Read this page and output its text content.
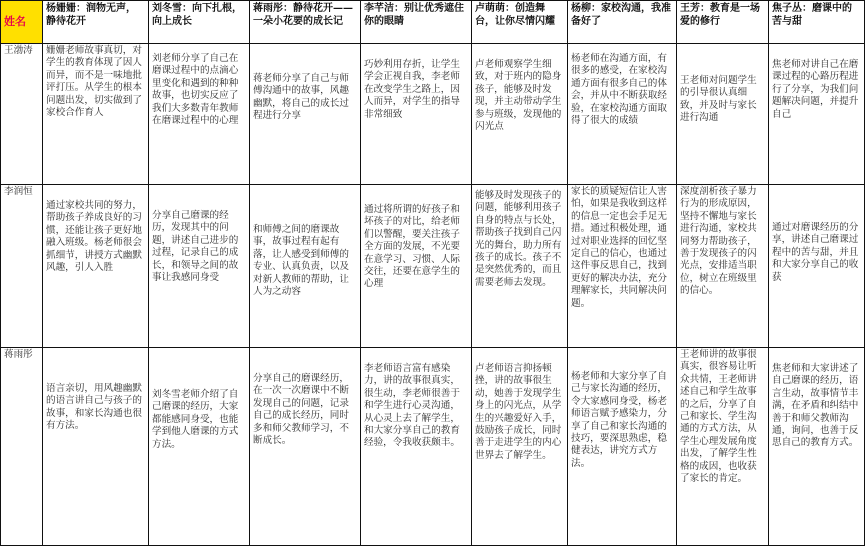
姓名	杨姗姗：润物无声，静待花开	刘冬雪：向下扎根，向上成长	蒋雨彤：静待花开——一朵小花要的成长记	李芊洁：别让优秀遮住你的眼睛	卢萌萌：创造舞台，让你尽情闪耀	杨柳：家校沟通，我准备好了	王芳：教育是一场爱的修行	焦子丛：磨课中的苦与甜
王渤涛	姗姗老师故事真切，对学生的教育体现了因人而异，而不是一味地批评打压。从学生的根本问题出发，切实做到了家校合作育人	刘老师分享了自己在磨课过程中的点滴心里变化和遇到的种种故事，也切实反应了我们大多数青年教师在磨课过程中的心理	蒋老师分享了自己与师傅沟通中的故事，风趣幽默，将自己的成长过程进行分享	巧妙利用存折，让学生学会正视自我，李老师在改变学生之路上，因人而异，对学生的指导非常细致	卢老师观察学生细致，对于班内的隐身孩子，能够及时发现，并主动带动学生参与班级，发现他的闪光点	杨老师在沟通方面，有很多的感受，在家校沟通方面有很多自己的体会，并从中不断获取经验，在家校沟通方面取得了很大的成绩	王老师对问题学生的引导很认真细致，并及时与家长进行沟通	焦老师对讲自己在磨课过程的心路历程进行了分享，为我们问题解决问题，并提升自己

李润恒	通过家校共同的努力，帮助孩子养成良好的习惯，还能让孩子更好地融入班级。杨老师很会抓细节，讲授方式幽默风趣，引人入胜	分享自己磨课的经历，发现其中的问题，讲述自己进步的过程，记录自己的成长，和领导之间的故事让我感同身受	和师傅之间的磨课故事，故事过程有起有落，让人感受到师傅的专业、认真负责，以及对新人教师的帮助，让人为之动容	通过将所谓的好孩子和坏孩子的对比，给老师们以警醒，要关注孩子全方面的发展，不光要在意学习、习惯、人际交往，还要在意学生的心理	能够及时发现孩子的问题，能够利用孩子自身的特点与长处，帮助孩子找到自己闪光的舞台，助力所有孩子的成长。孩子不是突然优秀的，而且需要老师去发现。	家长的质疑短信让人害怕，如果是我收到这样的信息一定也会手足无措。通过积极处理，通过对职业选择的回忆坚定自己的信心，也通过这件事反思自己，找到更好的解决办法，充分理解家长，共同解决问题。	深度剖析孩子暴力行为的形成原因，坚持不懈地与家长进行沟通，家校共同努力帮助孩子，善于发现孩子的闪光点，安排适当职位，树立在班级里的信心。	通过对磨课经历的分享，讲述自己磨课过程中的苦与甜，并且和大家分享自己的收获

蒋雨彤	语言亲切，用风趣幽默的语言讲自己与孩子的故事，和家长沟通也很有方法。	刘冬雪老师介绍了自己磨课的经历，大家都能感同身受，也能学到他人磨课的方式方法。	分享自己的磨课经历，在一次一次磨课中不断发现自己的问题，记录自己的成长经历，同时多和师父教师学习，不断成长。	李老师语言富有感染力，讲的故事很真实，很生动，李老师很善于和学生进行心灵沟通，从心灵上去了解学生，和大家分享自己的教育经验，令我收获颇丰。	卢老师语言抑扬顿挫，讲的故事很生动，她善于发现学生身上的闪光点，从学生的兴趣爱好入手，鼓励孩子成长，同时善于走进学生的内心世界去了解学生。	杨老师和大家分享了自己与家长沟通的经历，令大家感同身受，杨老师语言赋予感染力，分享了自己和家长沟通的技巧，要深思熟虑，稳健表达，讲究方式方法。	王老师讲的故事很真实，很容易让听众共情，王老师讲述自己和学生故事的之后，分享了自己和家长、学生沟通的方式方法，从学生心理发展角度出发，了解学生性格的成因，也收获了家长的肯定。	焦老师和大家讲述了自己磨课的经历，语言生动，故事情节丰满，在矛盾和纠结中善于和师父教师沟通，询问，也善于反思自己的教育方式。
